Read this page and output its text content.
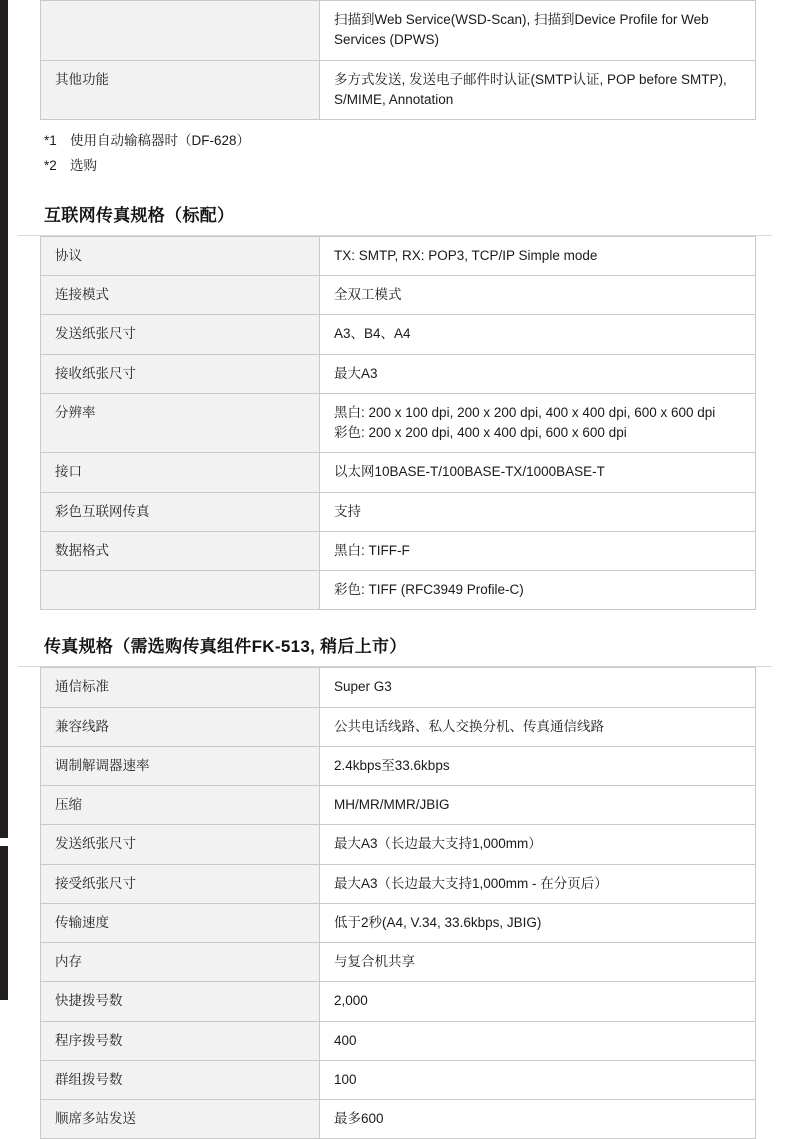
	扫描到Web Service(WSD-Scan), 扫描到Device Profile for Web
Services (DPWS)

其他功能	多方式发送, 发送电子邮件时认证(SMTP认证, POP before SMTP),
S/MIME, Annotation
*1 使用自动输稿器时（DF-628）
*2 选购
互联网传真规格（标配）
协议	TX: SMTP, RX: POP3, TCP/IP Simple mode

连接模式	全双工模式

发送纸张尺寸	A3、B4、A4

接收纸张尺寸	最大A3

分辨率	黑白: 200 x 100 dpi, 200 x 200 dpi, 400 x 400 dpi, 600 x 600 dpi
彩色: 200 x 200 dpi, 400 x 400 dpi, 600 x 600 dpi

接口	以太网10BASE-T/100BASE-TX/1000BASE-T

彩色互联网传真	支持

数据格式	黑白: TIFF-F

	彩色: TIFF (RFC3949 Profile-C)
传真规格（需选购传真组件FK-513, 稍后上市）
通信标准	Super G3

兼容线路	公共电话线路、私人交换分机、传真通信线路

调制解调器速率	2.4kbps至33.6kbps

压缩	MH/MR/MMR/JBIG

发送纸张尺寸	最大A3（长边最大支持1,000mm）

接受纸张尺寸	最大A3（长边最大支持1,000mm - 在分页后）

传输速度	低于2秒(A4, V.34, 33.6kbps, JBIG)

内存	与复合机共享

快捷拨号数	2,000

程序拨号数	400

群组拨号数	100

顺席多站发送	最多600
